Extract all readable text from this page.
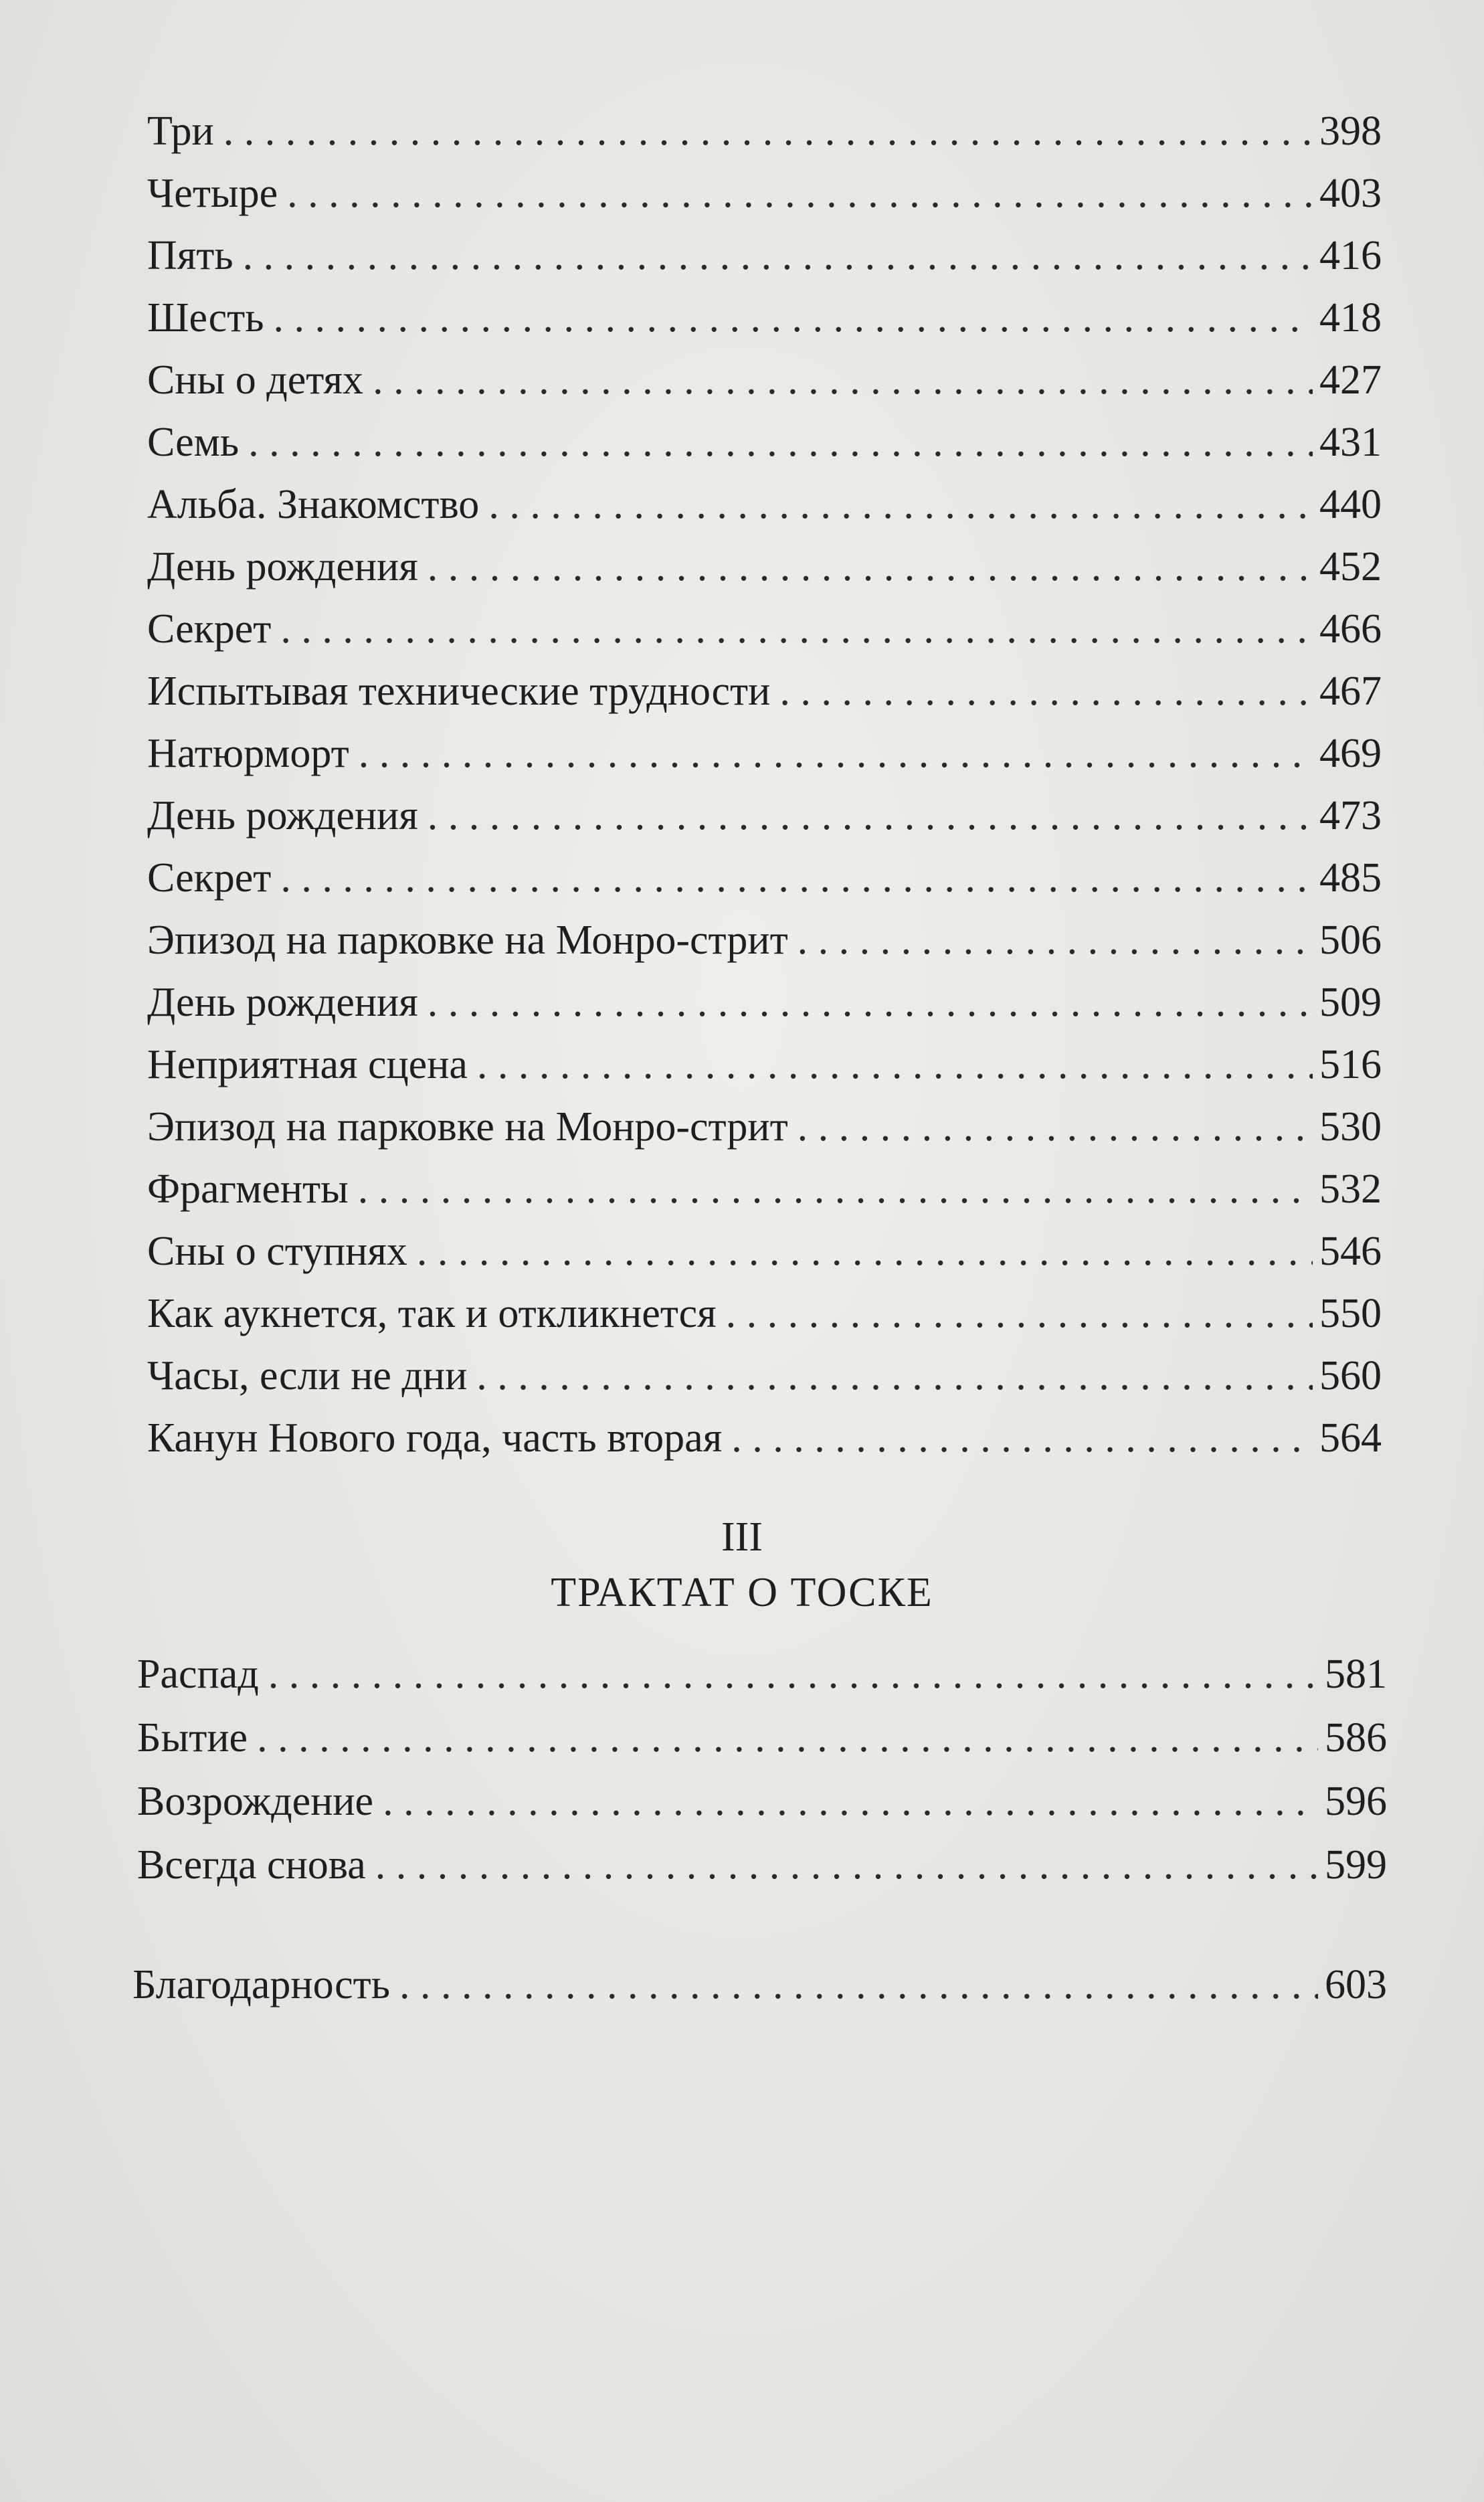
Три . . .	398
Четыре . . .	403
Пять . . .	416
Шесть . . .	418
Сны о детях . . .	427
Семь . . .	431
Альба. Знакомство . . .	440
День рождения . . .	452
Секрет . . .	466
Испытывая технические трудности . . .	467
Натюрморт . . .	469
День рождения . . .	473
Секрет . . .	485
Эпизод на парковке на Монро-стрит . . .	506
День рождения . . .	509
Неприятная сцена . . .	516
Эпизод на парковке на Монро-стрит . . .	530
Фрагменты . . .	532
Сны о ступнях . . .	546
Как аукнется, так и откликнется . . .	550
Часы, если не дни . . .	560
Канун Нового года, часть вторая . . .	564
III
ТРАКТАТ О ТОСКЕ
Распад . . .	581
Бытие . . .	586
Возрождение . . .	596
Всегда снова . . .	599
Благодарность . . .	603
